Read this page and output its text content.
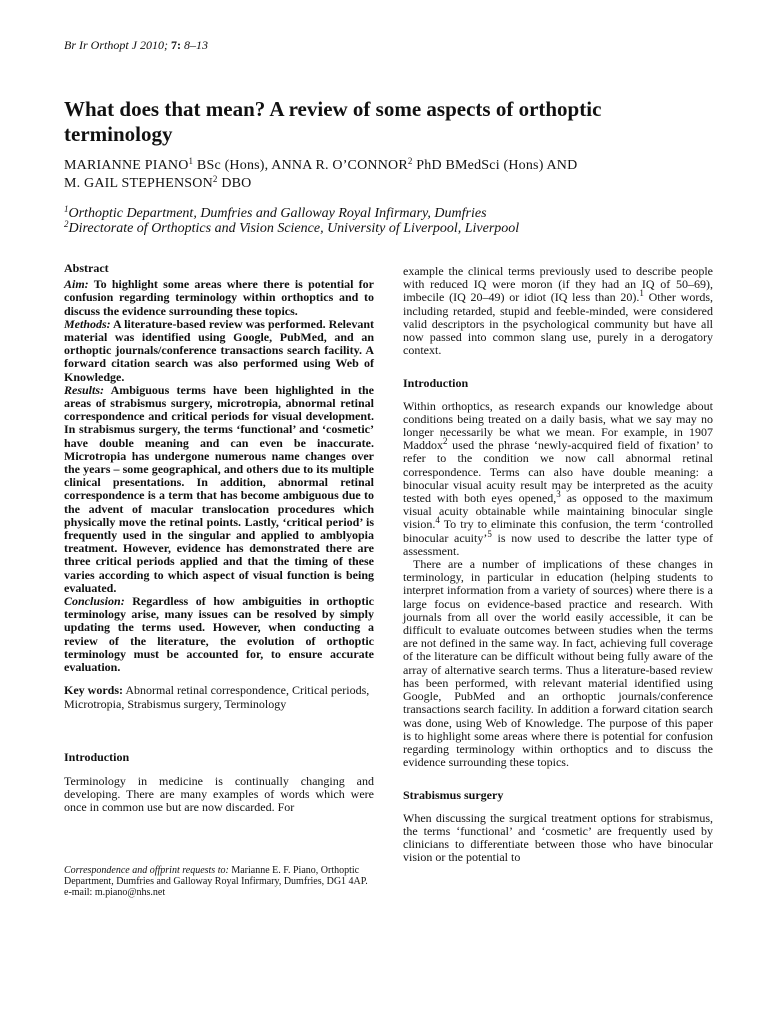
Br Ir Orthopt J 2010; 7: 8–13
What does that mean? A review of some aspects of orthoptic terminology
MARIANNE PIANO$^1$ BSc (Hons), ANNA R. O’CONNOR$^2$ PhD BMedSci (Hons) AND
M. GAIL STEPHENSON$^2$ DBO
$^1$Orthoptic Department, Dumfries and Galloway Royal Infirmary, Dumfries
$^2$Directorate of Orthoptics and Vision Science, University of Liverpool, Liverpool

Abstract

Aim: To highlight some areas where there is potential for confusion regarding terminology within orthoptics and to discuss the evidence surrounding these topics.

Methods: A literature-based review was performed. Relevant material was identified using Google, PubMed, and an orthoptic journals/conference transactions search facility. A forward citation search was also performed using Web of Knowledge.

Results: Ambiguous terms have been highlighted in the areas of strabismus surgery, microtropia, abnormal retinal correspondence and critical periods for visual development. In strabismus surgery, the terms ‘functional’ and ‘cosmetic’ have double meaning and can even be inaccurate. Microtropia has undergone numerous name changes over the years – some geographical, and others due to its multiple clinical presentations. In addition, abnormal retinal correspondence is a term that has become ambiguous due to the advent of macular translocation procedures which physically move the retinal points. Lastly, ‘critical period’ is frequently used in the singular and applied to amblyopia treatment. However, evidence has demonstrated there are three critical periods applied and that the timing of these varies according to which aspect of visual function is being evaluated.

Conclusion: Regardless of how ambiguities in orthoptic terminology arise, many issues can be resolved by simply updating the terms used. However, when conducting a review of the literature, the evolution of orthoptic terminology must be accounted for, to ensure accurate evaluation.

Key words: Abnormal retinal correspondence, Critical periods, Microtropia, Strabismus surgery, Terminology

Introduction

Terminology in medicine is continually changing and developing. There are many examples of words which were once in common use but are now discarded. For

Correspondence and offprint requests to: Marianne E. F. Piano, Orthoptic Department, Dumfries and Galloway Royal Infirmary, Dumfries, DG1 4AP. e-mail: m.piano@nhs.net

example the clinical terms previously used to describe people with reduced IQ were moron (if they had an IQ of 50–69), imbecile (IQ 20–49) or idiot (IQ less than 20).$^1$ Other words, including retarded, stupid and feeble-minded, were considered valid descriptors in the psychological community but have all now passed into common slang use, purely in a derogatory context.

Introduction

Within orthoptics, as research expands our knowledge about conditions being treated on a daily basis, what we say may no longer necessarily be what we mean. For example, in 1907 Maddox$^2$ used the phrase ‘newly-acquired field of fixation’ to refer to the condition we now call abnormal retinal correspondence. Terms can also have double meaning: a binocular visual acuity result may be interpreted as the acuity tested with both eyes opened,$^3$ as opposed to the maximum visual acuity obtainable while maintaining binocular single vision.$^4$ To try to eliminate this confusion, the term ‘controlled binocular acuity’$^5$ is now used to describe the latter type of assessment.

There are a number of implications of these changes in terminology, in particular in education (helping students to interpret information from a variety of sources) where there is a large focus on evidence-based practice and research. With journals from all over the world easily accessible, it can be difficult to evaluate outcomes between studies when the terms are not defined in the same way. In fact, achieving full coverage of the literature can be difficult without being fully aware of the array of alternative search terms. Thus a literature-based review has been performed, with relevant material identified using Google, PubMed and an orthoptic journals/conference transactions search facility. In addition a forward citation search was done, using Web of Knowledge. The purpose of this paper is to highlight some areas where there is potential for confusion regarding terminology within orthoptics and to discuss the evidence surrounding these topics.

Strabismus surgery

When discussing the surgical treatment options for strabismus, the terms ‘functional’ and ‘cosmetic’ are frequently used by clinicians to differentiate between those who have binocular vision or the potential to
